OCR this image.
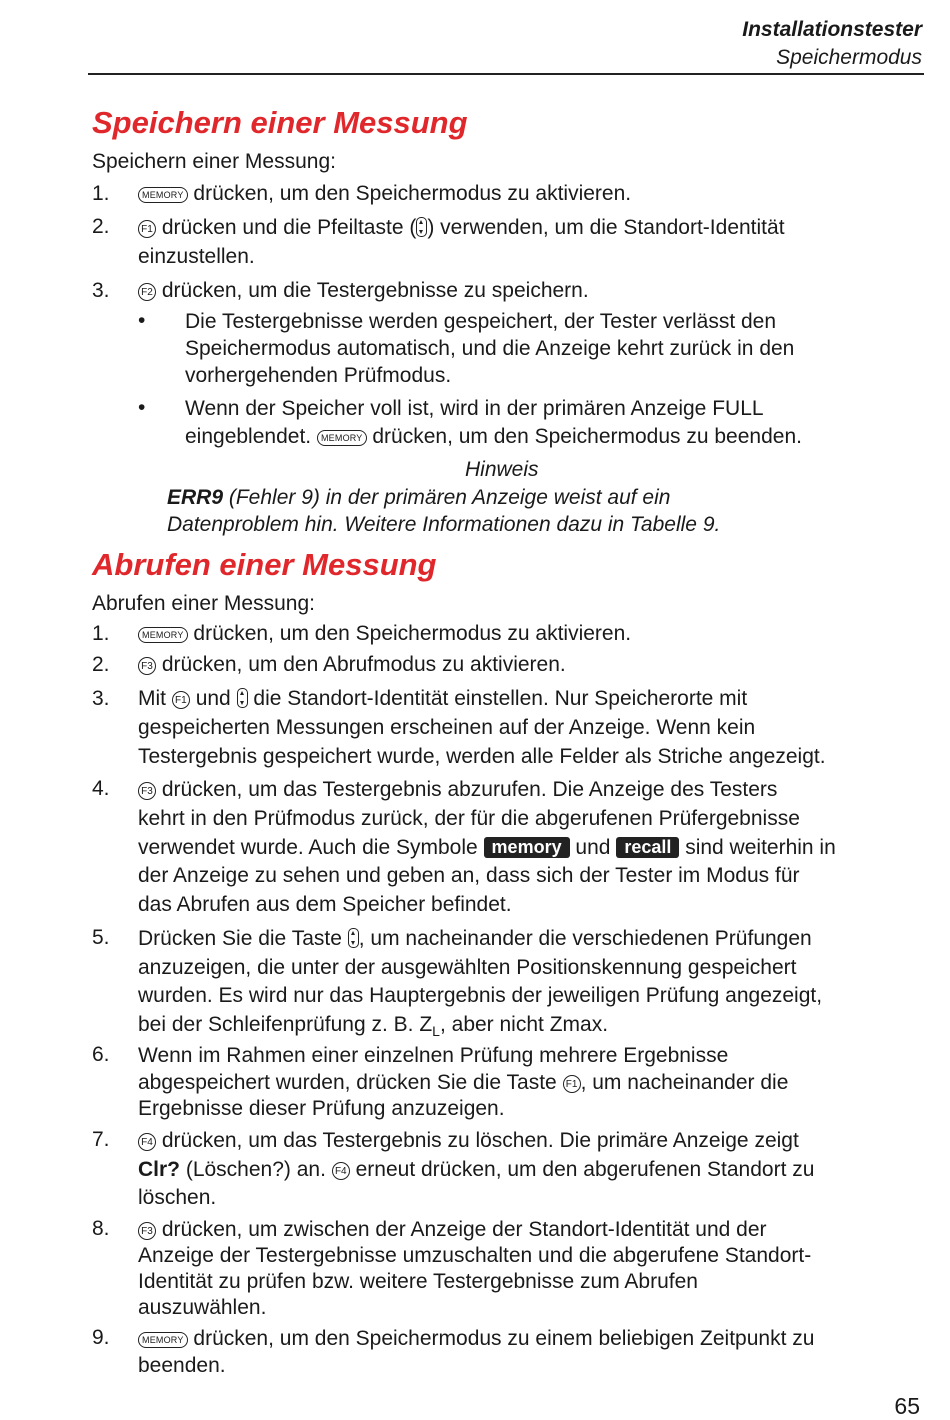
Installationstester
Speichermodus
Speichern einer Messung
Speichern einer Messung:
1.	MEMORY drücken, um den Speichermodus zu aktivieren.
2.	F1 drücken und die Pfeiltaste ( ) verwenden, um die Standort-Identität
einzustellen.
3.	F2 drücken, um die Testergebnisse zu speichern.
• Die Testergebnisse werden gespeichert, der Tester verlässt den
Speichermodus automatisch, und die Anzeige kehrt zurück in den
vorhergehenden Prüfmodus.
• Wenn der Speicher voll ist, wird in der primären Anzeige FULL
eingeblendet. MEMORY drücken, um den Speichermodus zu beenden.
Hinweis
ERR9 (Fehler 9) in der primären Anzeige weist auf ein
Datenproblem hin. Weitere Informationen dazu in Tabelle 9.
Abrufen einer Messung
Abrufen einer Messung:
1.	MEMORY drücken, um den Speichermodus zu aktivieren.
2.	F3 drücken, um den Abrufmodus zu aktivieren.
3. Mit F1 und die Standort-Identität einstellen. Nur Speicherorte mit
gespeicherten Messungen erscheinen auf der Anzeige. Wenn kein
Testergebnis gespeichert wurde, werden alle Felder als Striche angezeigt.
4.	F3 drücken, um das Testergebnis abzurufen. Die Anzeige des Testers
kehrt in den Prüfmodus zurück, der für die abgerufenen Prüfergebnisse
verwendet wurde. Auch die Symbole memory und recall sind weiterhin in
der Anzeige zu sehen und geben an, dass sich der Tester im Modus für
das Abrufen aus dem Speicher befindet.
5. Drücken Sie die Taste , um nacheinander die verschiedenen Prüfungen
anzuzeigen, die unter der ausgewählten Positionskennung gespeichert
wurden. Es wird nur das Hauptergebnis der jeweiligen Prüfung angezeigt,
bei der Schleifenprüfung z. B. $Z_L$, aber nicht Zmax.
6. Wenn im Rahmen einer einzelnen Prüfung mehrere Ergebnisse
abgespeichert wurden, drücken Sie die Taste F1 , um nacheinander die
Ergebnisse dieser Prüfung anzuzeigen.
7.	F4 drücken, um das Testergebnis zu löschen. Die primäre Anzeige zeigt
Clr? (Löschen?) an. F4 erneut drücken, um den abgerufenen Standort zu
löschen.
8.	F3 drücken, um zwischen der Anzeige der Standort-Identität und der
Anzeige der Testergebnisse umzuschalten und die abgerufene Standort-
Identität zu prüfen bzw. weitere Testergebnisse zum Abrufen
auszuwählen.
9.	MEMORY drücken, um den Speichermodus zu einem beliebigen Zeitpunkt zu
beenden.
65
